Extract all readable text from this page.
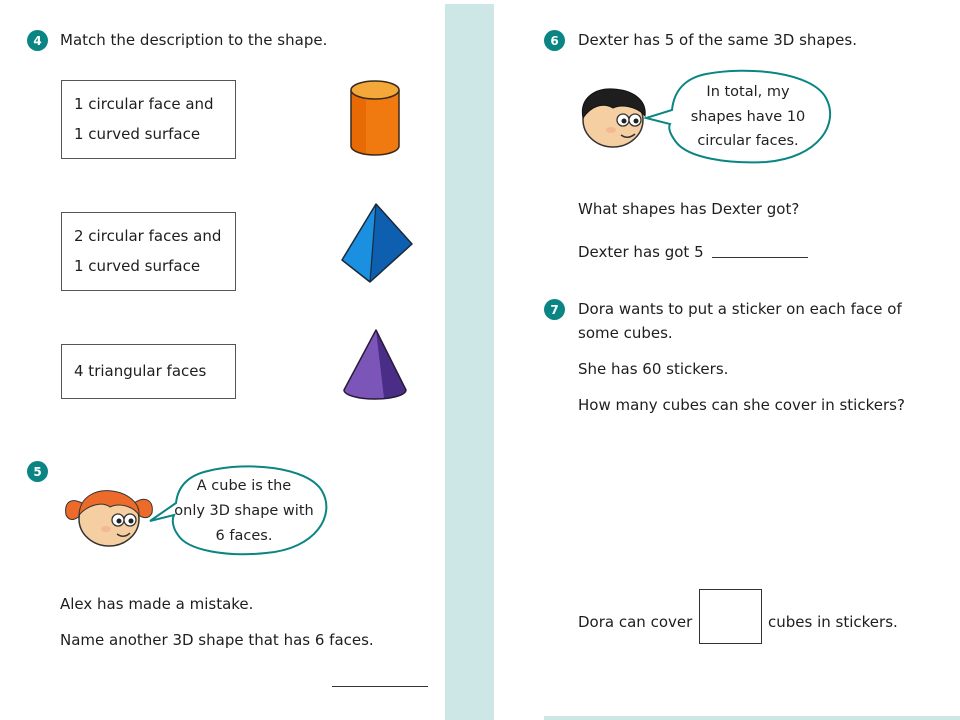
4	Match the description to the shape.
1 circular face and
1 curved surface
2 circular faces and
1 curved surface
4 triangular faces
5
A cube is the
only 3D shape with
6 faces.
Alex has made a mistake.
Name another 3D shape that has 6 faces.
6	Dexter has 5 of the same 3D shapes.
In total, my
shapes have 10
circular faces.
What shapes has Dexter got?
Dexter has got 5
7	Dora wants to put a sticker on each face of
some cubes.
She has 60 stickers.
How many cubes can she cover in stickers?
Dora can cover	cubes in stickers.
